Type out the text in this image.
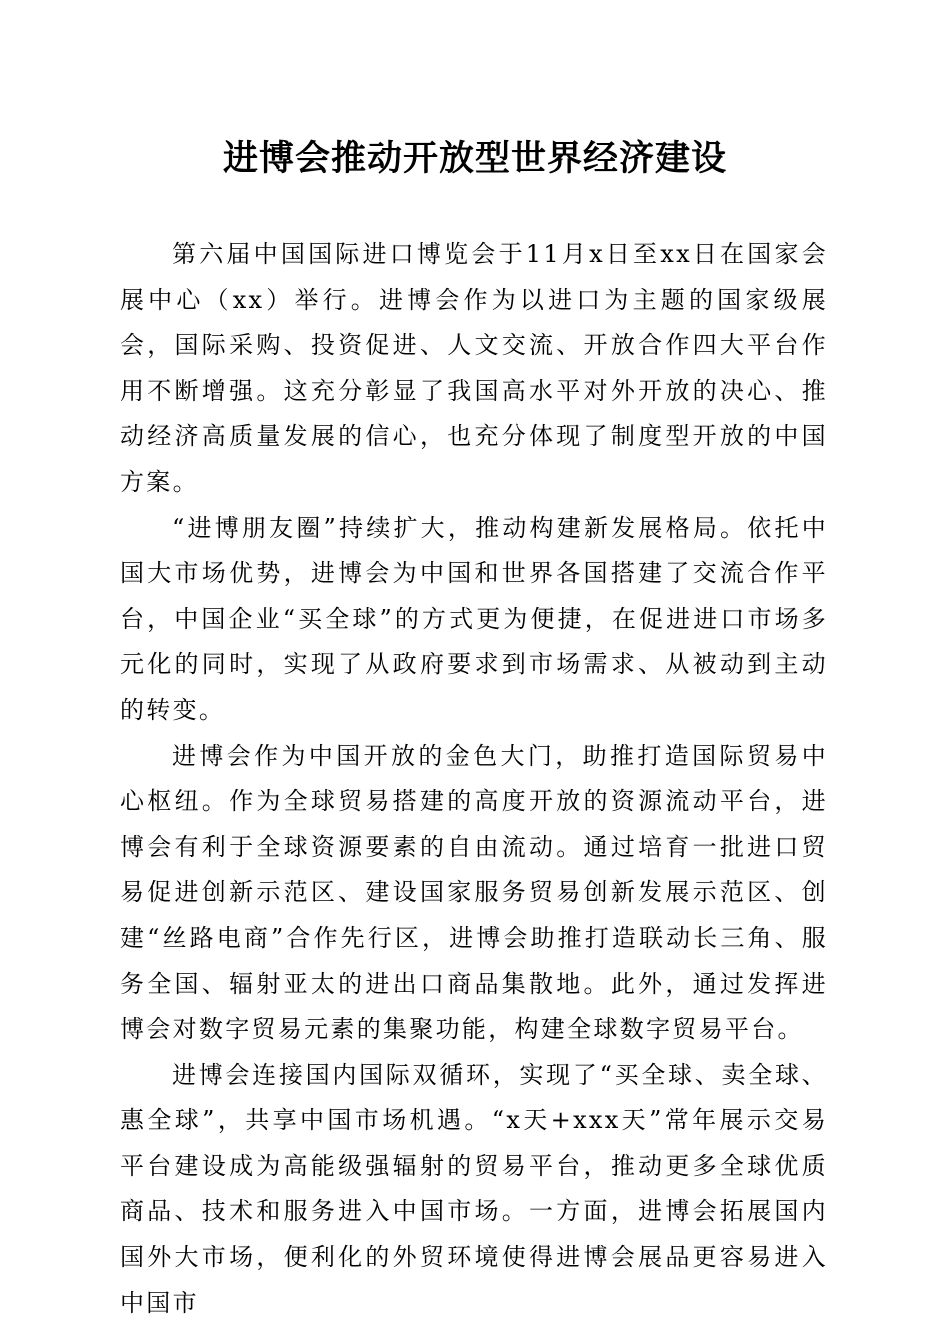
进博会推动开放型世界经济建设

第六届中国国际进口博览会于11月x日至xx日在国家会展中心（xx）举行。进博会作为以进口为主题的国家级展会，国际采购、投资促进、人文交流、开放合作四大平台作用不断增强。这充分彰显了我国高水平对外开放的决心、推动经济高质量发展的信心，也充分体现了制度型开放的中国方案。

“进博朋友圈”持续扩大，推动构建新发展格局。依托中国大市场优势，进博会为中国和世界各国搭建了交流合作平台，中国企业“买全球”的方式更为便捷，在促进进口市场多元化的同时，实现了从政府要求到市场需求、从被动到主动的转变。

进博会作为中国开放的金色大门，助推打造国际贸易中心枢纽。作为全球贸易搭建的高度开放的资源流动平台，进博会有利于全球资源要素的自由流动。通过培育一批进口贸易促进创新示范区、建设国家服务贸易创新发展示范区、创建“丝路电商”合作先行区，进博会助推打造联动长三角、服务全国、辐射亚太的进出口商品集散地。此外，通过发挥进博会对数字贸易元素的集聚功能，构建全球数字贸易平台。

进博会连接国内国际双循环，实现了“买全球、卖全球、惠全球”，共享中国市场机遇。“x天+xxx天”常年展示交易平台建设成为高能级强辐射的贸易平台，推动更多全球优质商品、技术和服务进入中国市场。一方面，进博会拓展国内国外大市场，便利化的外贸环境使得进博会展品更容易进入中国市
